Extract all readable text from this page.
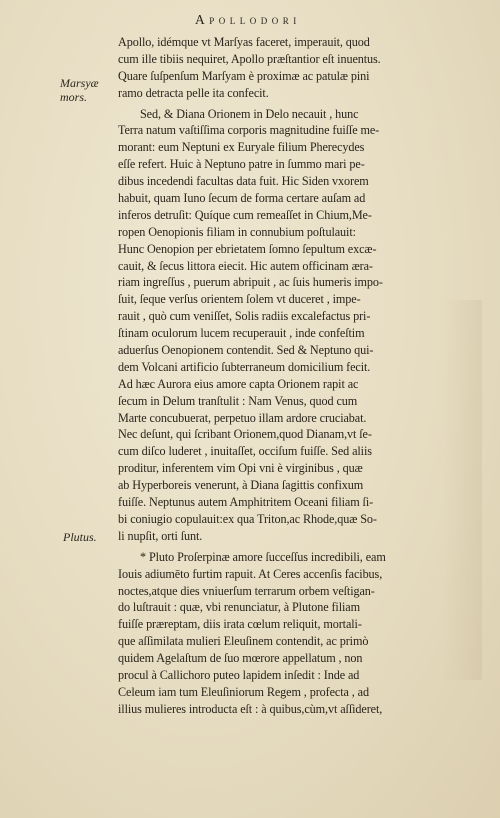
Apollodori
Marsyæ mors.
Plutus.
Apollo, idémque vt Marſyas faceret, imperauit, quod
cum ille tibiis nequiret, Apollo præſtantior eſt inuentus.
Quare ſuſpenſum Marſyam è proximæ ac patulæ pini
ramo detracta pelle ita confecit.
Sed, & Diana Orionem in Delo necauit , hunc
Terra natum vaſtiſſima corporis magnitudine fuiſſe me-
morant: eum Neptuni ex Euryale filium Pherecydes
eſſe refert. Huic à Neptuno patre in ſummo mari pe-
dibus incedendi facultas data fuit. Hic Siden vxorem
habuit, quam Iuno ſecum de forma certare auſam ad
inferos detruſit: Quíque cum remeaſſet in Chium,Me-
ropen Oenopionis filiam in connubium poſtulauit:
Hunc Oenopion per ebrietatem ſomno ſepultum excæ-
cauit, & ſecus littora eiecit. Hic autem officinam æra-
riam ingreſſus , puerum abripuit , ac ſuis humeris impo-
ſuit, ſeque verſus orientem ſolem vt duceret , impe-
rauit , quò cum veniſſet, Solis radiis excalefactus pri-
ſtinam oculorum lucem recuperauit , inde confeſtim
aduerſus Oenopionem contendit. Sed & Neptuno qui-
dem Volcani artificio ſubterraneum domicilium fecit.
Ad hæc Aurora eius amore capta Orionem rapit ac
ſecum in Delum tranſtulit : Nam Venus, quod cum
Marte concubuerat, perpetuo illam ardore cruciabat.
Nec deſunt, qui ſcribant Orionem,quod Dianam,vt ſe-
cum diſco luderet , inuitaſſet, occiſum fuiſſe. Sed aliis
proditur, inferentem vim Opi vni è virginibus , quæ
ab Hyperboreis venerunt, à Diana ſagittis confixum
fuiſſe. Neptunus autem Amphitritem Oceani filiam ſi-
bi coniugio copulauit:ex qua Triton,ac Rhode,quæ So-
li nupſit, orti ſunt.
* Pluto Proſerpinæ amore ſucceſſus incredibili, eam
Iouis adiumēto furtim rapuit. At Ceres accenſis facibus,
noctes,atque dies vniuerſum terrarum orbem veſtigan-
do luſtrauit : quæ, vbi renunciatur, à Plutone filiam
fuiſſe præreptam, diis irata cœlum reliquit, mortali-
que aſſimilata mulieri Eleuſinem contendit, ac primò
quidem Agelaſtum de ſuo mœrore appellatum , non
procul à Callichoro puteo lapidem inſedit : Inde ad
Celeum iam tum Eleuſiniorum Regem , profecta , ad
illius mulieres introducta eſt : à quibus,cùm,vt aſſideret,
